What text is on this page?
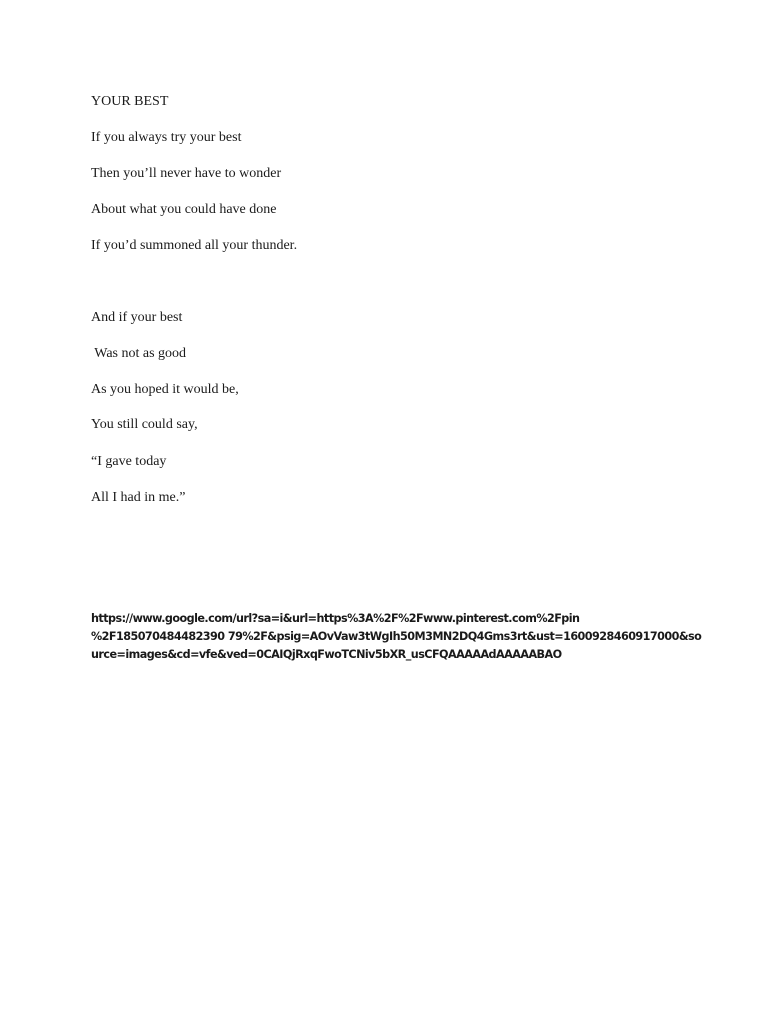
YOUR BEST
If you always try your best
Then you’ll never have to wonder
About what you could have done
If you’d summoned all your thunder.
And if your best
Was not as good
As you hoped it would be,
You still could say,
“I gave today
All I had in me.”
https://www.google.com/url?sa=i&url=https%3A%2F%2Fwww.pinterest.com%2Fpin
%2F185070484482390 79%2F&psig=AOvVaw3tWgIh50M3MN2DQ4Gms3rt&ust=1600928460917000&so
urce=images&cd=vfe&ved=0CAIQjRxqFwoTCNiv5bXR_usCFQAAAAAdAAAAABAO
